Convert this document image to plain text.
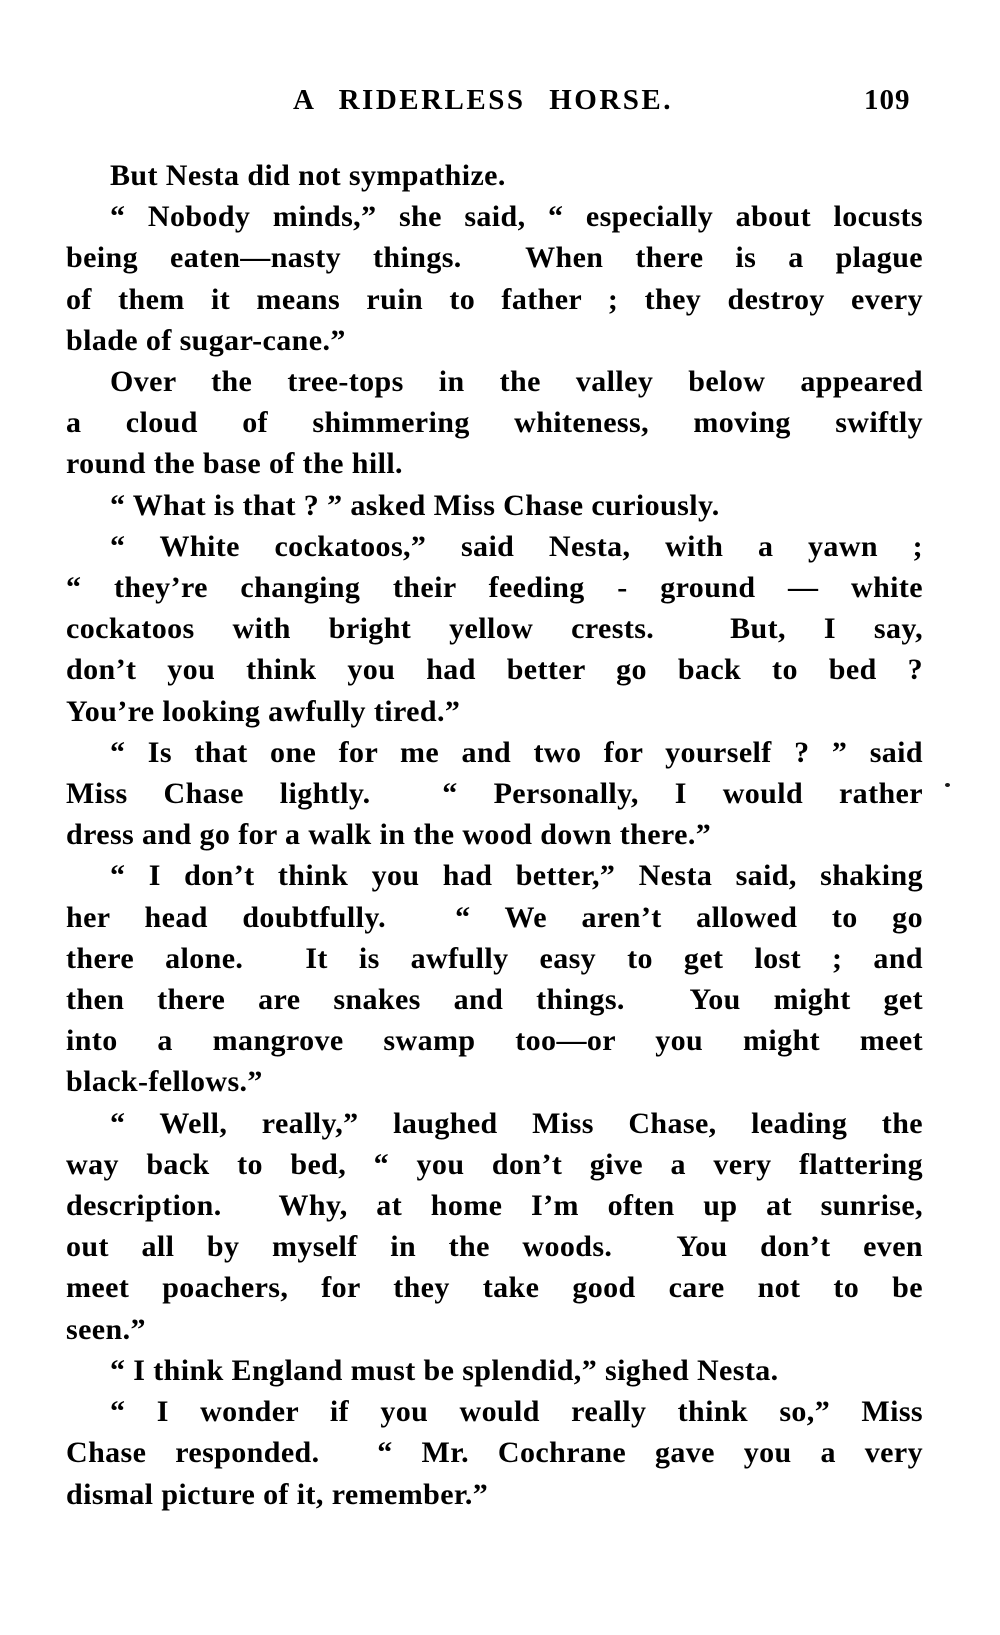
A RIDERLESS HORSE.	109
But Nesta did not sympathize.
“ Nobody minds,” she said, “ especially about locusts
being eaten—nasty things.  When there is a plague
of them it means ruin to father ; they destroy every
blade of sugar-cane.”
Over the tree-tops in the valley below appeared
a cloud of shimmering whiteness, moving swiftly
round the base of the hill.
“ What is that ? ” asked Miss Chase curiously.
“ White cockatoos,” said Nesta, with a yawn ;
“ they’re changing their feeding - ground — white
cockatoos with bright yellow crests.  But, I say,
don’t you think you had better go back to bed ?
You’re looking awfully tired.”
“ Is that one for me and two for yourself ? ” said
Miss Chase lightly.  “ Personally, I would rather
dress and go for a walk in the wood down there.”
“ I don’t think you had better,” Nesta said, shaking
her head doubtfully.  “ We aren’t allowed to go
there alone.  It is awfully easy to get lost ; and
then there are snakes and things.  You might get
into a mangrove swamp too—or you might meet
black-fellows.”
“ Well, really,” laughed Miss Chase, leading the
way back to bed, “ you don’t give a very flattering
description.  Why, at home I’m often up at sunrise,
out all by myself in the woods.  You don’t even
meet poachers, for they take good care not to be
seen.”
“ I think England must be splendid,” sighed Nesta.
“ I wonder if you would really think so,” Miss
Chase responded.  “ Mr. Cochrane gave you a very
dismal picture of it, remember.”
